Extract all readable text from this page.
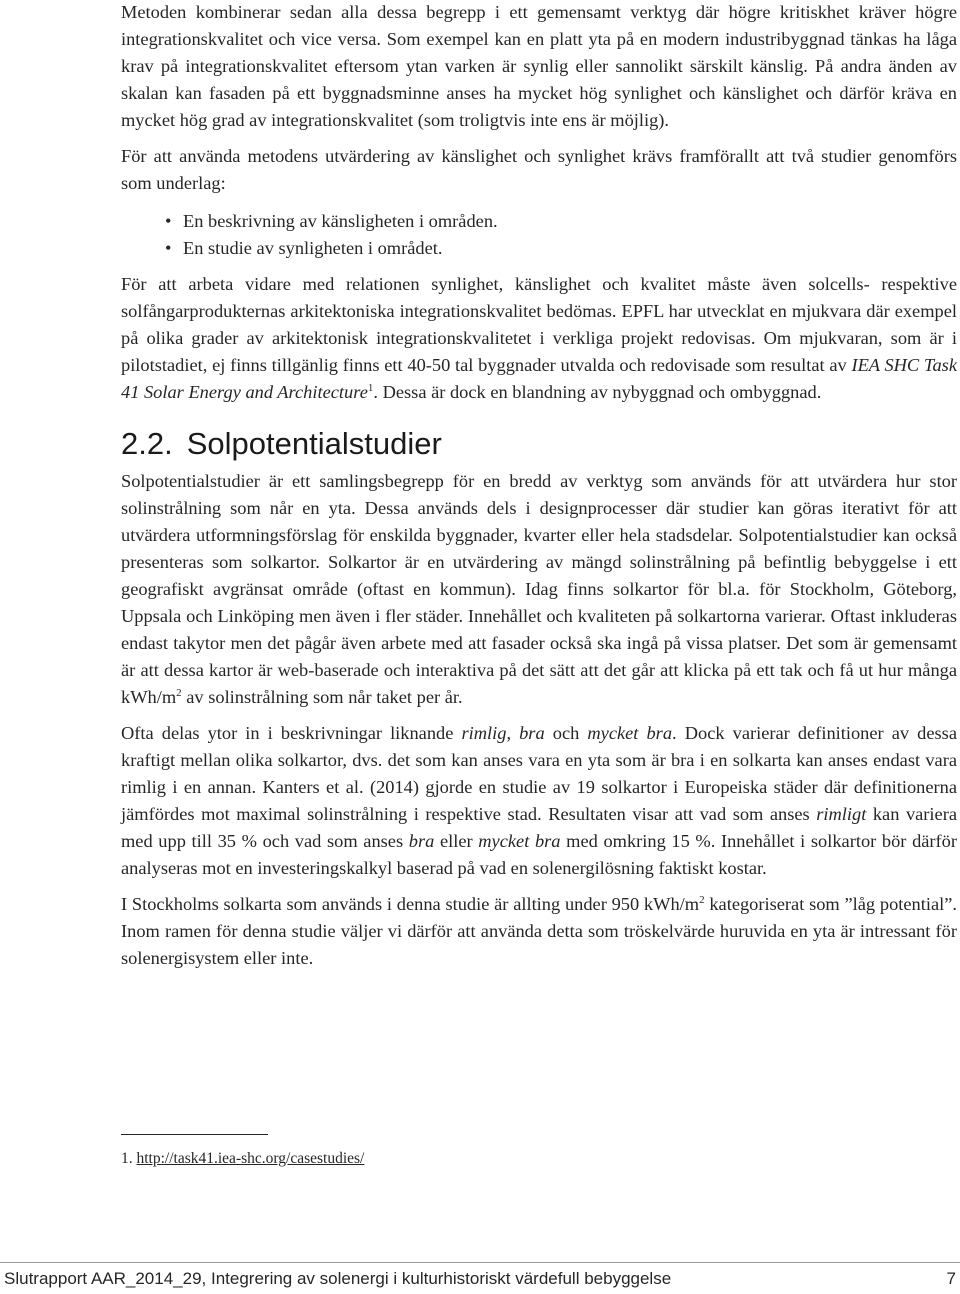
Metoden kombinerar sedan alla dessa begrepp i ett gemensamt verktyg där högre kritiskhet kräver högre integrationskvalitet och vice versa. Som exempel kan en platt yta på en modern industribyggnad tänkas ha låga krav på integrationskvalitet eftersom ytan varken är synlig eller sannolikt särskilt känslig. På andra änden av skalan kan fasaden på ett byggnadsminne anses ha mycket hög synlighet och känslighet och därför kräva en mycket hög grad av integrationskvalitet (som troligtvis inte ens är möjlig).

För att använda metodens utvärdering av känslighet och synlighet krävs framförallt att två studier genomförs som underlag:

• En beskrivning av känsligheten i områden.
• En studie av synligheten i området.

För att arbeta vidare med relationen synlighet, känslighet och kvalitet måste även solcells- respektive solfångarprodukternas arkitektoniska integrationskvalitet bedömas. EPFL har utvecklat en mjukvara där exempel på olika grader av arkitektonisk integrationskvalitetet i verkliga projekt redovisas. Om mjukvaran, som är i pilotstadiet, ej finns tillgänlig finns ett 40-50 tal byggnader utvalda och redovisade som resultat av IEA SHC Task 41 Solar Energy and Architecture$^1$. Dessa är dock en blandning av nybyggnad och ombyggnad.

2.2. Solpotentialstudier

Solpotentialstudier är ett samlingsbegrepp för en bredd av verktyg som används för att utvärdera hur stor solinstrålning som når en yta. Dessa används dels i designprocesser där studier kan göras iterativt för att utvärdera utformningsförslag för enskilda byggnader, kvarter eller hela stadsdelar. Solpotentialstudier kan också presenteras som solkartor. Solkartor är en utvärdering av mängd solinstrålning på befintlig bebyggelse i ett geografiskt avgränsat område (oftast en kommun). Idag finns solkartor för bl.a. för Stockholm, Göteborg, Uppsala och Linköping men även i fler städer. Innehållet och kvaliteten på solkartorna varierar. Oftast inkluderas endast takytor men det pågår även arbete med att fasader också ska ingå på vissa platser. Det som är gemensamt är att dessa kartor är web-baserade och interaktiva på det sätt att det går att klicka på ett tak och få ut hur många kWh/$m^2$ av solinstrålning som når taket per år.

Ofta delas ytor in i beskrivningar liknande rimlig, bra och mycket bra. Dock varierar definitioner av dessa kraftigt mellan olika solkartor, dvs. det som kan anses vara en yta som är bra i en solkarta kan anses endast vara rimlig i en annan. Kanters et al. (2014) gjorde en studie av 19 solkartor i Europeiska städer där definitionerna jämfördes mot maximal solinstrålning i respektive stad. Resultaten visar att vad som anses rimligt kan variera med upp till 35 % och vad som anses bra eller mycket bra med omkring 15 %. Innehållet i solkartor bör därför analyseras mot en investeringskalkyl baserad på vad en solenergilösning faktiskt kostar.

I Stockholms solkarta som används i denna studie är allting under 950 kWh/$m^2$ kategoriserat som ”låg potential”. Inom ramen för denna studie väljer vi därför att använda detta som tröskelvärde huruvida en yta är intressant för solenergisystem eller inte.

1. http://task41.iea-shc.org/casestudies/
Slutrapport AAR_2014_29, Integrering av solenergi i kulturhistoriskt värdefull bebyggelse	7
